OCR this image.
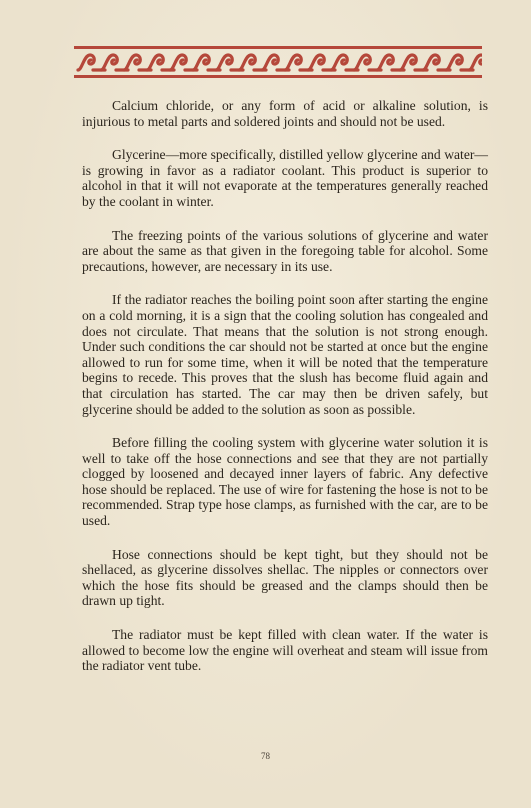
Calcium chloride, or any form of acid or alkaline solution, is injurious to metal parts and soldered joints and should not be used.

Glycerine—more specifically, distilled yellow glycerine and water—is growing in favor as a radiator coolant. This product is superior to alcohol in that it will not evaporate at the temperatures generally reached by the coolant in winter.

The freezing points of the various solutions of glycerine and water are about the same as that given in the foregoing table for alcohol. Some precautions, however, are necessary in its use.

If the radiator reaches the boiling point soon after starting the engine on a cold morning, it is a sign that the cooling solution has congealed and does not circulate. That means that the solution is not strong enough. Under such conditions the car should not be started at once but the engine allowed to run for some time, when it will be noted that the temperature begins to recede. This proves that the slush has become fluid again and that circulation has started. The car may then be driven safely, but glycerine should be added to the solution as soon as possible.

Before filling the cooling system with glycerine water solution it is well to take off the hose connections and see that they are not partially clogged by loosened and decayed inner layers of fabric. Any defective hose should be replaced. The use of wire for fastening the hose is not to be recommended. Strap type hose clamps, as furnished with the car, are to be used.

Hose connections should be kept tight, but they should not be shellaced, as glycerine dissolves shellac. The nipples or connectors over which the hose fits should be greased and the clamps should then be drawn up tight.

The radiator must be kept filled with clean water. If the water is allowed to become low the engine will overheat and steam will issue from the radiator vent tube.

78
